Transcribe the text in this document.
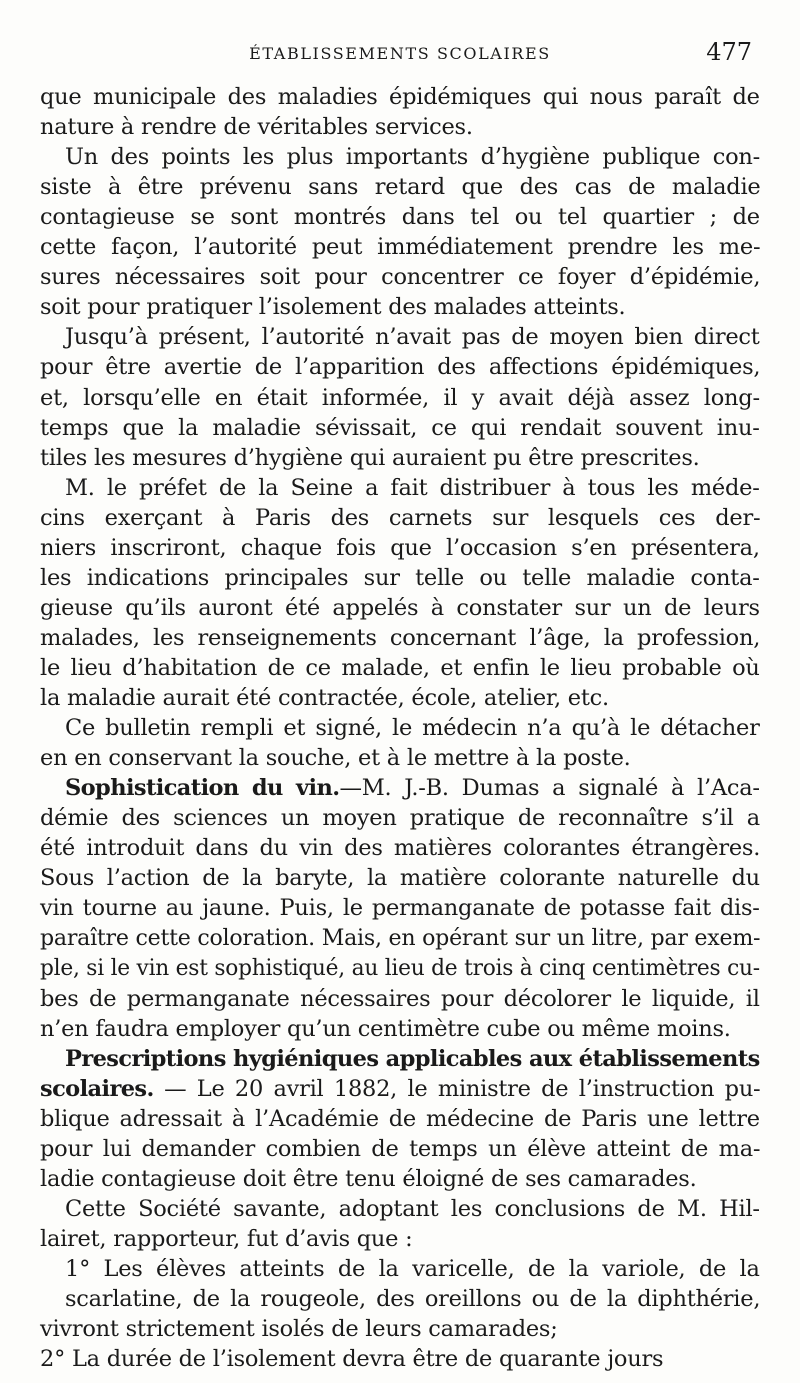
ÉTABLISSEMENTS SCOLAIRES	477
que municipale des maladies épidémiques qui nous paraît de
nature à rendre de véritables services.
Un des points les plus importants d’hygiène publique con-
siste à être prévenu sans retard que des cas de maladie
contagieuse se sont montrés dans tel ou tel quartier ; de
cette façon, l’autorité peut immédiatement prendre les me-
sures nécessaires soit pour concentrer ce foyer d’épidémie,
soit pour pratiquer l’isolement des malades atteints.
Jusqu’à présent, l’autorité n’avait pas de moyen bien direct
pour être avertie de l’apparition des affections épidémiques,
et, lorsqu’elle en était informée, il y avait déjà assez long-
temps que la maladie sévissait, ce qui rendait souvent inu-
tiles les mesures d’hygiène qui auraient pu être prescrites.
M. le préfet de la Seine a fait distribuer à tous les méde-
cins exerçant à Paris des carnets sur lesquels ces der-
niers inscriront, chaque fois que l’occasion s’en présentera,
les indications principales sur telle ou telle maladie conta-
gieuse qu’ils auront été appelés à constater sur un de leurs
malades, les renseignements concernant l’âge, la profession,
le lieu d’habitation de ce malade, et enfin le lieu probable où
la maladie aurait été contractée, école, atelier, etc.
Ce bulletin rempli et signé, le médecin n’a qu’à le détacher
en en conservant la souche, et à le mettre à la poste.
Sophistication du vin.—M. J.-B. Dumas a signalé à l’Aca-
démie des sciences un moyen pratique de reconnaître s’il a
été introduit dans du vin des matières colorantes étrangères.
Sous l’action de la baryte, la matière colorante naturelle du
vin tourne au jaune. Puis, le permanganate de potasse fait dis-
paraître cette coloration. Mais, en opérant sur un litre, par exem-
ple, si le vin est sophistiqué, au lieu de trois à cinq centimètres cu-
bes de permanganate nécessaires pour décolorer le liquide, il
n’en faudra employer qu’un centimètre cube ou même moins.
Prescriptions hygiéniques applicables aux établissements
scolaires. — Le 20 avril 1882, le ministre de l’instruction pu-
blique adressait à l’Académie de médecine de Paris une lettre
pour lui demander combien de temps un élève atteint de ma-
ladie contagieuse doit être tenu éloigné de ses camarades.
Cette Société savante, adoptant les conclusions de M. Hil-
lairet, rapporteur, fut d’avis que :
1° Les élèves atteints de la varicelle, de la variole, de la
scarlatine, de la rougeole, des oreillons ou de la diphthérie,
vivront strictement isolés de leurs camarades;
2° La durée de l’isolement devra être de quarante jours
